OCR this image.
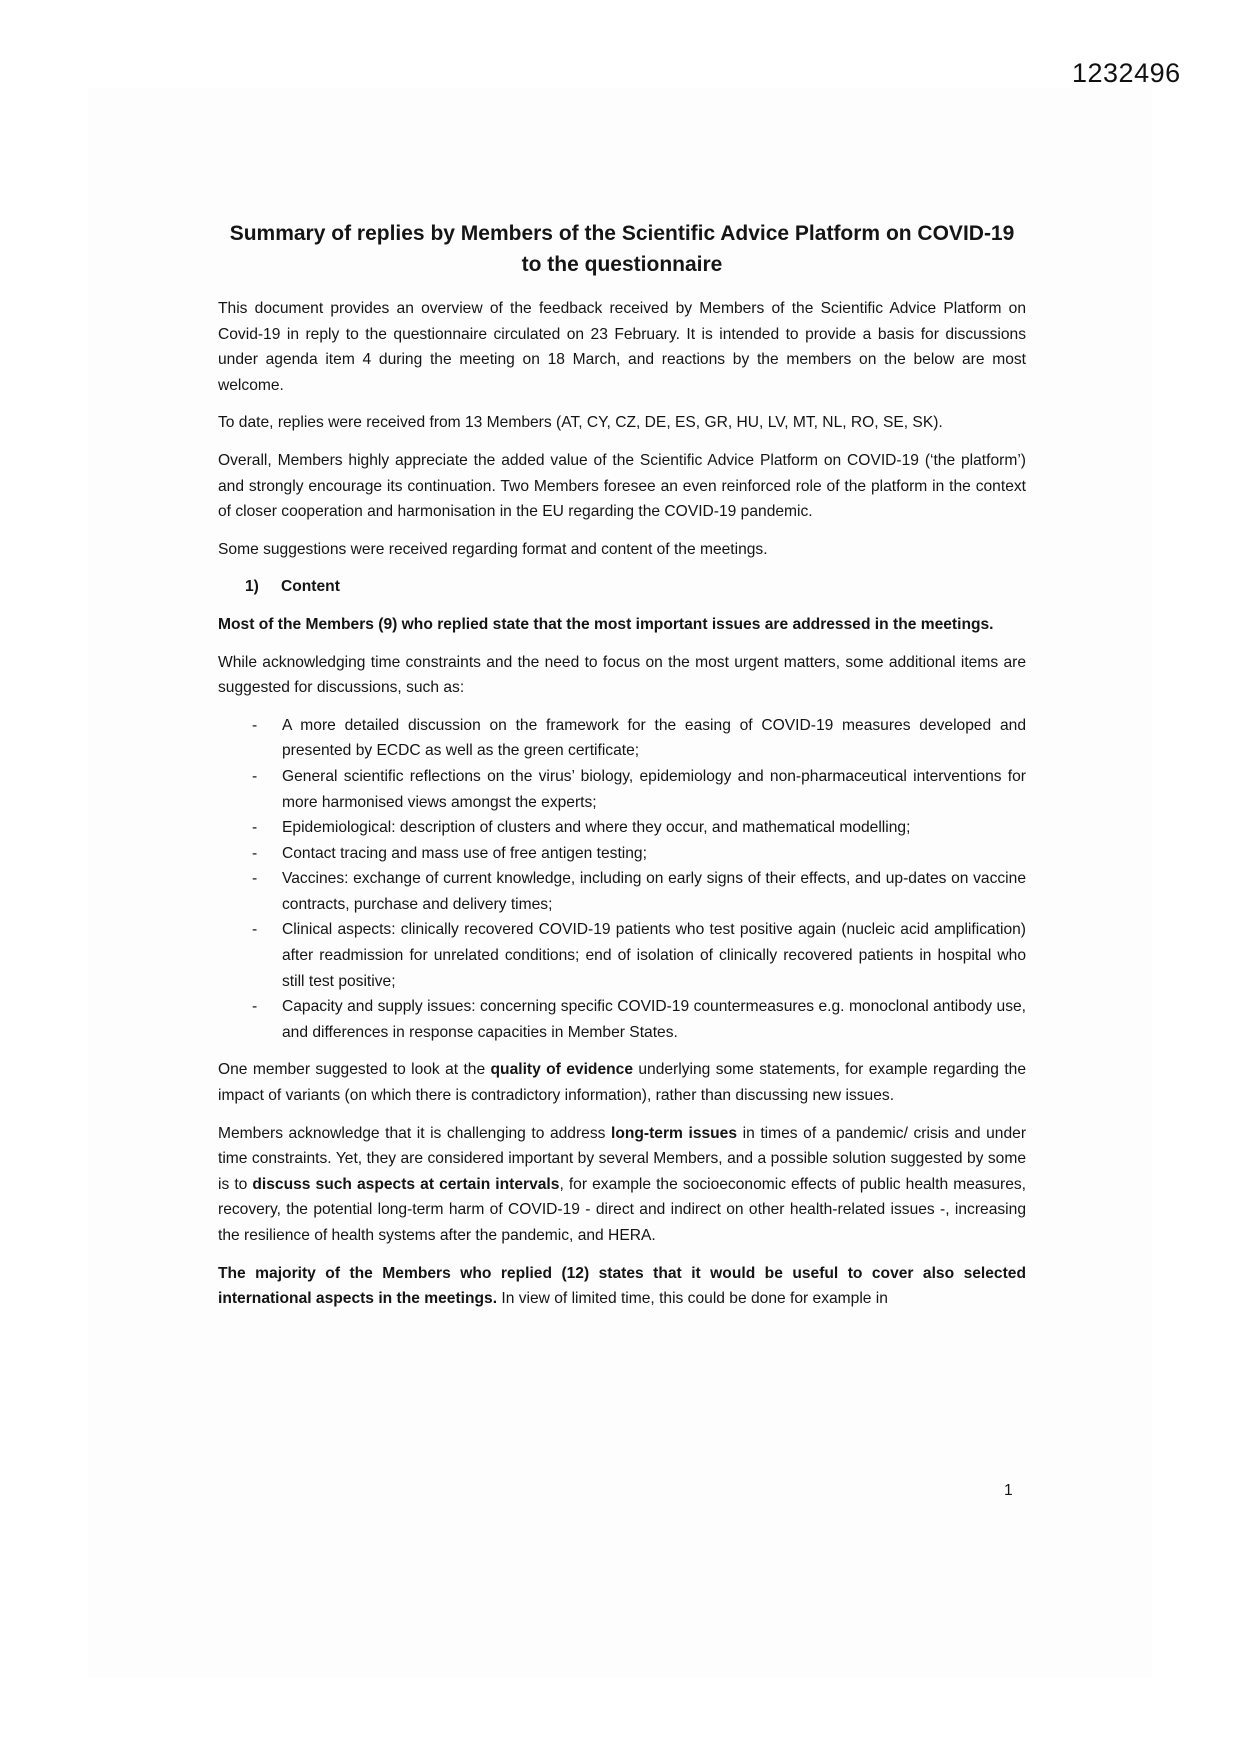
1232496
Summary of replies by Members of the Scientific Advice Platform on COVID-19 to the questionnaire

This document provides an overview of the feedback received by Members of the Scientific Advice Platform on Covid-19 in reply to the questionnaire circulated on 23 February. It is intended to provide a basis for discussions under agenda item 4 during the meeting on 18 March, and reactions by the members on the below are most welcome.

To date, replies were received from 13 Members (AT, CY, CZ, DE, ES, GR, HU, LV, MT, NL, RO, SE, SK).

Overall, Members highly appreciate the added value of the Scientific Advice Platform on COVID-19 (‘the platform’) and strongly encourage its continuation. Two Members foresee an even reinforced role of the platform in the context of closer cooperation and harmonisation in the EU regarding the COVID-19 pandemic.

Some suggestions were received regarding format and content of the meetings.

1) Content

Most of the Members (9) who replied state that the most important issues are addressed in the meetings.

While acknowledging time constraints and the need to focus on the most urgent matters, some additional items are suggested for discussions, such as:

- A more detailed discussion on the framework for the easing of COVID-19 measures developed and presented by ECDC as well as the green certificate;
- General scientific reflections on the virus’ biology, epidemiology and non-pharmaceutical interventions for more harmonised views amongst the experts;
- Epidemiological: description of clusters and where they occur, and mathematical modelling;
- Contact tracing and mass use of free antigen testing;
- Vaccines: exchange of current knowledge, including on early signs of their effects, and up-dates on vaccine contracts, purchase and delivery times;
- Clinical aspects: clinically recovered COVID-19 patients who test positive again (nucleic acid amplification) after readmission for unrelated conditions; end of isolation of clinically recovered patients in hospital who still test positive;
- Capacity and supply issues: concerning specific COVID-19 countermeasures e.g. monoclonal antibody use, and differences in response capacities in Member States.

One member suggested to look at the quality of evidence underlying some statements, for example regarding the impact of variants (on which there is contradictory information), rather than discussing new issues.

Members acknowledge that it is challenging to address long-term issues in times of a pandemic/ crisis and under time constraints. Yet, they are considered important by several Members, and a possible solution suggested by some is to discuss such aspects at certain intervals, for example the socioeconomic effects of public health measures, recovery, the potential long-term harm of COVID-19 - direct and indirect on other health-related issues -, increasing the resilience of health systems after the pandemic, and HERA.

The majority of the Members who replied (12) states that it would be useful to cover also selected international aspects in the meetings. In view of limited time, this could be done for example in

1
